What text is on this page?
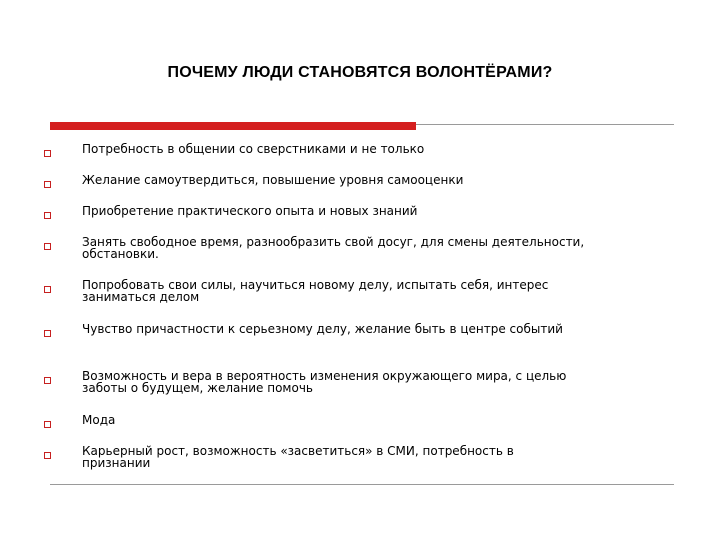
ПОЧЕМУ ЛЮДИ СТАНОВЯТСЯ ВОЛОНТЁРАМИ?
Потребность в общении со сверстниками и не только
Желание самоутвердиться, повышение уровня самооценки
Приобретение практического опыта и новых знаний
Занять свободное время, разнообразить свой досуг, для смены деятельности,
обстановки.
Попробовать свои силы, научиться новому делу, испытать себя, интерес
заниматься делом
Чувство причастности к серьезному делу, желание быть в центре событий
Возможность и вера в вероятность изменения окружающего мира, с целью
заботы о будущем, желание помочь
Мода
Карьерный рост, возможность «засветиться» в СМИ, потребность в
признании
